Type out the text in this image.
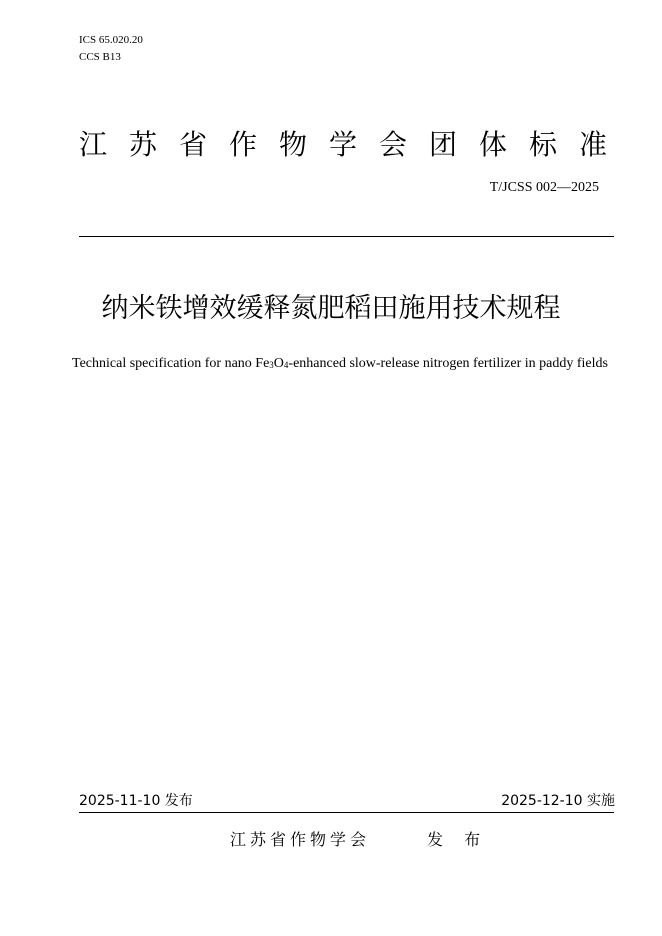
ICS 65.020.20
CCS B13
江苏省作物学会团体标准
T/JCSS 002—2025
纳米铁增效缓释氮肥稻田施用技术规程
Technical specification for nano $Fe_3O_4$-enhanced slow-release nitrogen fertilizer in paddy fields
2025-11-10 发布	2025-12-10 实施
江苏省作物学会	发 布
